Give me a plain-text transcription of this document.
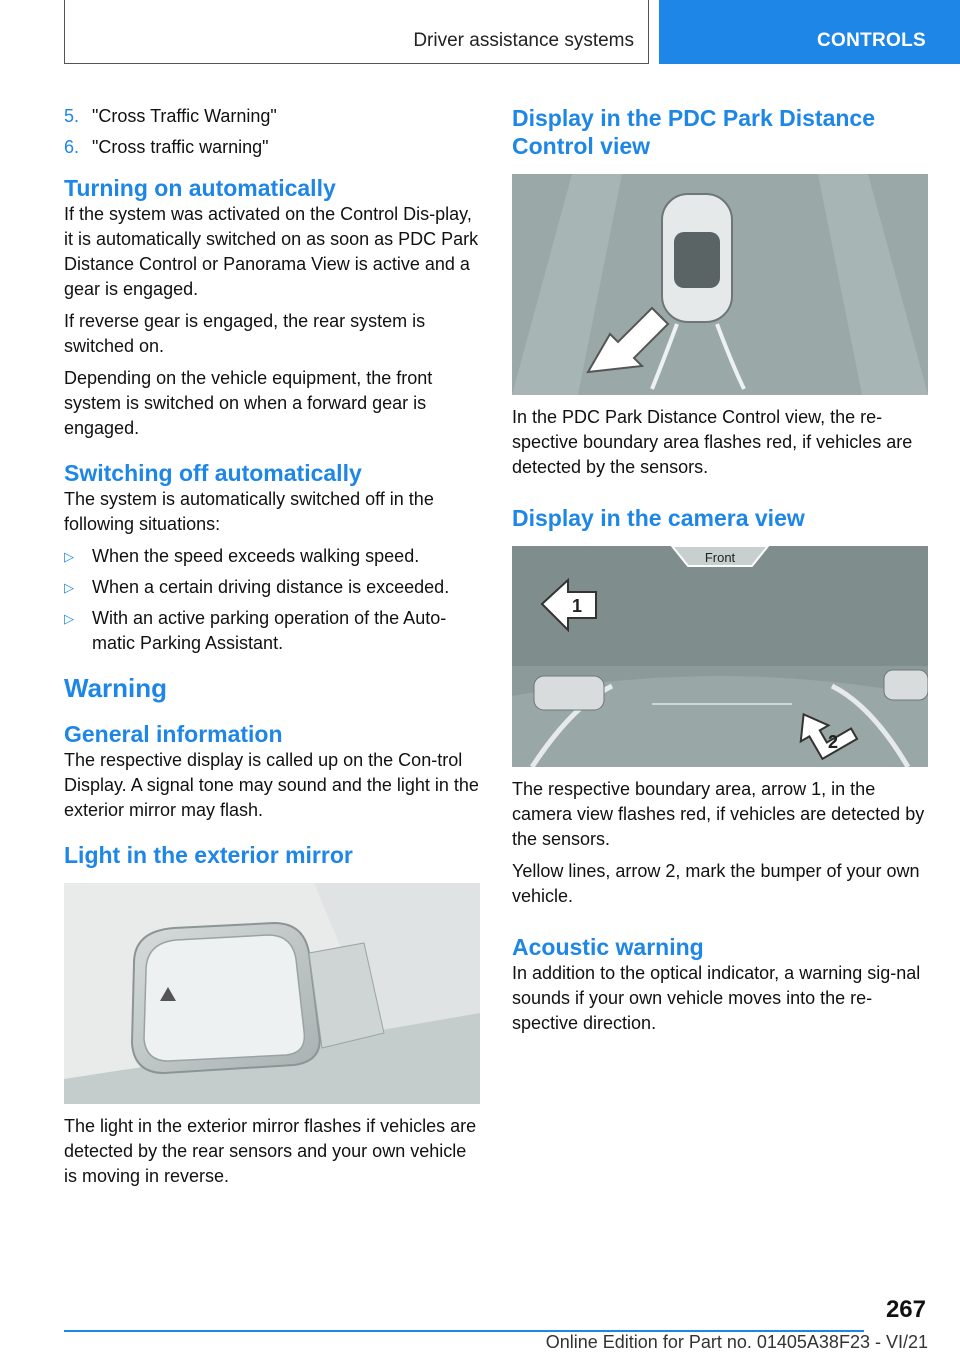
Driver assistance systems	CONTROLS
5. "Cross Traffic Warning"
6. "Cross traffic warning"
Turning on automatically

If the system was activated on the Control Dis-play, it is automatically switched on as soon as PDC Park Distance Control or Panorama View is active and a gear is engaged.

If reverse gear is engaged, the rear system is switched on.

Depending on the vehicle equipment, the front system is switched on when a forward gear is engaged.

Switching off automatically

The system is automatically switched off in the following situations:

▷	When the speed exceeds walking speed.
▷	When a certain driving distance is exceeded.
▷	With an active parking operation of the Auto-matic Parking Assistant.
Warning
General information

The respective display is called up on the Con-trol Display. A signal tone may sound and the light in the exterior mirror may flash.

Light in the exterior mirror

The light in the exterior mirror flashes if vehicles are detected by the rear sensors and your own vehicle is moving in reverse.

Display in the PDC Park Distance Control view

In the PDC Park Distance Control view, the re-spective boundary area flashes red, if vehicles are detected by the sensors.

Display in the camera view
Front
1
2

The respective boundary area, arrow 1, in the camera view flashes red, if vehicles are detected by the sensors.

Yellow lines, arrow 2, mark the bumper of your own vehicle.

Acoustic warning

In addition to the optical indicator, a warning sig-nal sounds if your own vehicle moves into the re-spective direction.

267
Online Edition for Part no. 01405A38F23 - VI/21
